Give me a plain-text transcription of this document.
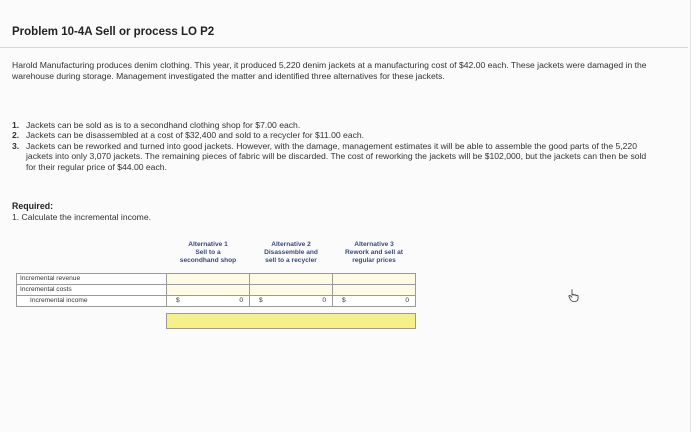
Problem 10-4A Sell or process LO P2
Harold Manufacturing produces denim clothing. This year, it produced 5,220 denim jackets at a manufacturing cost of $42.00 each. These jackets were damaged in the warehouse during storage. Management investigated the matter and identified three alternatives for these jackets.
1. Jackets can be sold as is to a secondhand clothing shop for $7.00 each.
2. Jackets can be disassembled at a cost of $32,400 and sold to a recycler for $11.00 each.
3. Jackets can be reworked and turned into good jackets. However, with the damage, management estimates it will be able to assemble the good parts of the 5,220 jackets into only 3,070 jackets. The remaining pieces of fabric will be discarded. The cost of reworking the jackets will be $102,000, but the jackets can then be sold for their regular price of $44.00 each.
Required:
1. Calculate the incremental income.
	Alternative 1
Sell to a
secondhand shop	Alternative 2
Disassemble and
sell to a recycler	Alternative 3
Rework and sell at
regular prices
Incremental revenue			
Incremental costs			
Incremental income	$ 0	$ 0	$ 0
